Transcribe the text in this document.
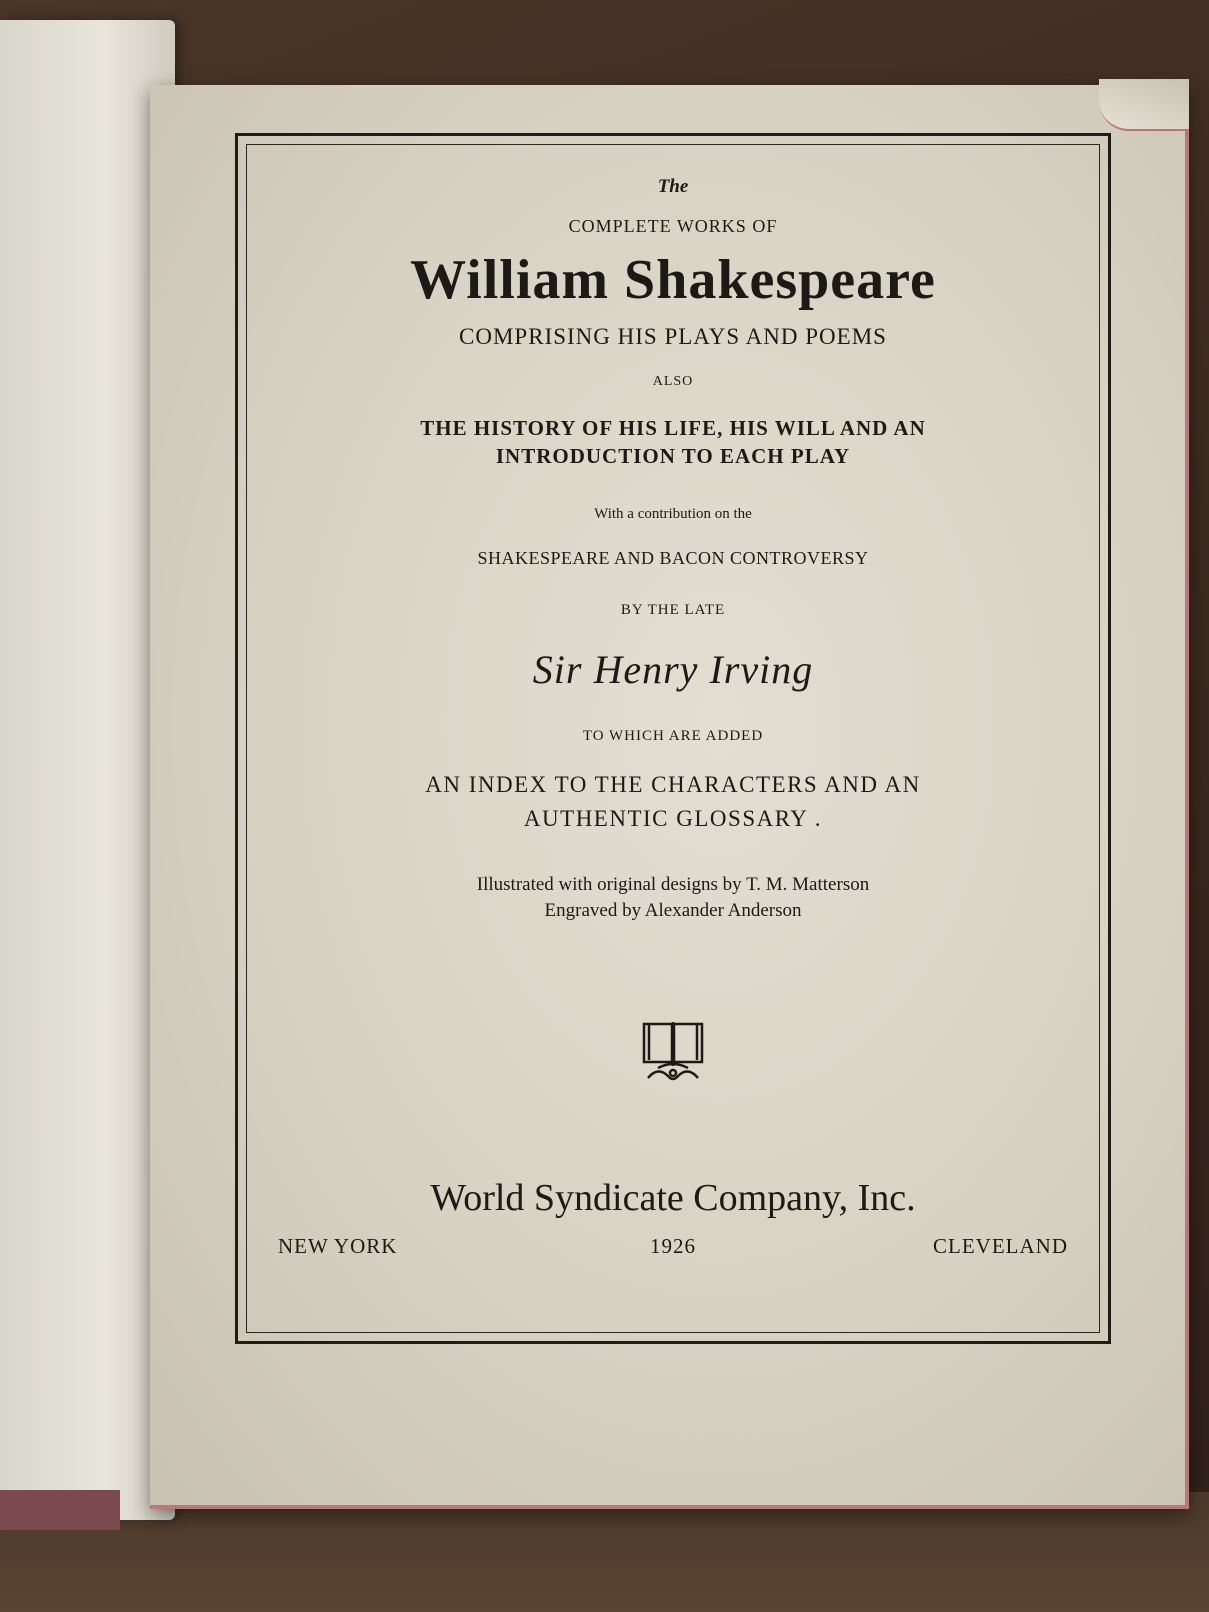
The
COMPLETE WORKS OF
William Shakespeare
COMPRISING HIS PLAYS AND POEMS
ALSO
THE HISTORY OF HIS LIFE, HIS WILL AND AN
INTRODUCTION TO EACH PLAY
With a contribution on the
SHAKESPEARE AND BACON CONTROVERSY
BY THE LATE
Sir Henry Irving
TO WHICH ARE ADDED
AN INDEX TO THE CHARACTERS AND AN
AUTHENTIC GLOSSARY .
Illustrated with original designs by T. M. Matterson
Engraved by Alexander Anderson
World Syndicate Company, Inc.
NEW YORK	1926	CLEVELAND
